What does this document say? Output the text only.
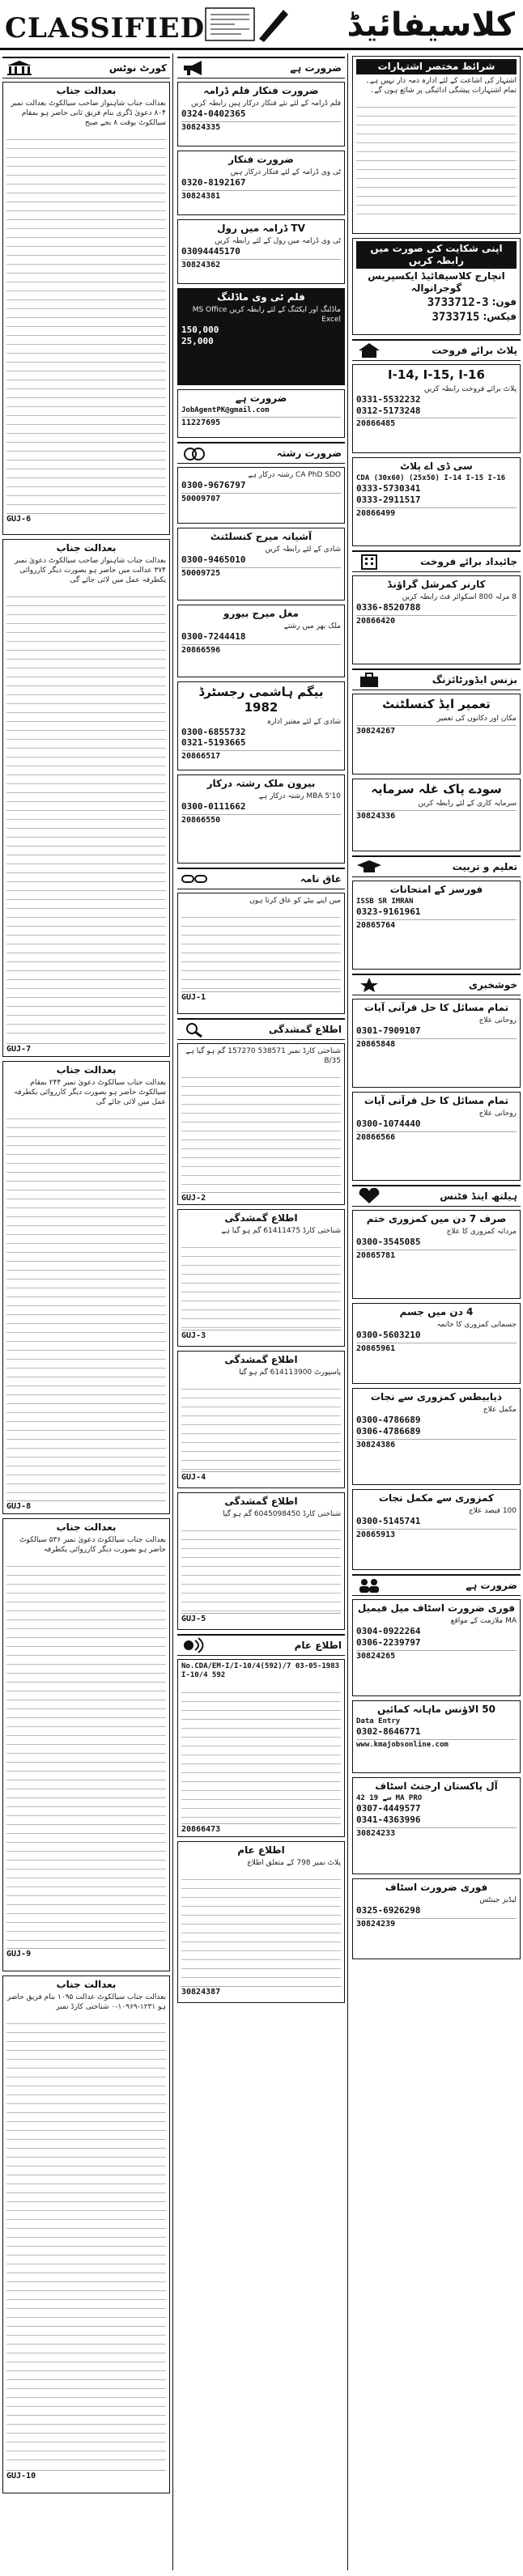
CLASSIFIED	کلاسیفائیڈ
کورٹ نوٹس
بعدالت جناب
بعدالت جناب شاہنواز صاحب سیالکوٹ بعدالت نمبر ۸۰۴ دعویٰ ڈگری بنام فریق ثانی حاضر ہو بمقام سیالکوٹ بوقت ۸ بجے صبح
GUJ-6
بعدالت جناب
بعدالت جناب شاہنواز صاحب سیالکوٹ دعویٰ نمبر ۳۷۴ عدالت میں حاضر ہو بصورت دیگر کارروائی یکطرفہ عمل میں لائی جائے گی
GUJ-7
بعدالت جناب
بعدالت جناب سیالکوٹ دعویٰ نمبر ۲۴۴ بمقام سیالکوٹ حاضر ہو بصورت دیگر کارروائی یکطرفہ عمل میں لائی جائے گی
GUJ-8
بعدالت جناب
بعدالت جناب سیالکوٹ دعویٰ نمبر ۵۳۶ سیالکوٹ حاضر ہو بصورت دیگر کارروائی یکطرفہ
GUJ-9
بعدالت جناب
بعدالت جناب سیالکوٹ عدالت ۱۰۹۵ بنام فریق حاضر ہو ۱۲۳۱-۱۰۹۶۹-۰ شناختی کارڈ نمبر
GUJ-10
ضرورت ہے
ضرورت فنکار فلم ڈرامہ
فلم ڈرامہ کے لئے نئے فنکار درکار ہیں رابطہ کریں
0324-0402365
30824335
ضرورت فنکار
ٹی وی ڈرامہ کے لئے فنکار درکار ہیں
0320-8192167
30824381
TV ڈرامہ میں رول
ٹی وی ڈرامہ میں رول کے لئے رابطہ کریں
03094445170
30824362
فلم ٹی وی ماڈلنگ
ماڈلنگ اور ایکٹنگ کے لئے رابطہ کریں MS Office Excel
150,000
25,000
ضرورت ہے
JobAgentPK@gmail.com
11227695
ضرورت رشتہ
CA PhD SDO رشتہ درکار ہے
0300-9676797
50009707
آشیانہ میرج کنسلٹنٹ
شادی کے لئے رابطہ کریں
0300-9465010
50009725
مغل میرج بیورو
ملک بھر میں رشتے
0300-7244418
20866596
بیگم ہاشمی رجسٹرڈ 1982
شادی کے لئے معتبر ادارہ
0300-6855732
0321-5193665
20866517
بیرون ملک رشتہ درکار
MBA 5'10 رشتہ درکار ہے
0300-0111662
20866550
عاق نامہ
میں اپنے بیٹے کو عاق کرتا ہوں
GUJ-1
اطلاع گمشدگی
شناختی کارڈ نمبر 538571 157270 گم ہو گیا ہے B/35
GUJ-2
اطلاع گمشدگی
شناختی کارڈ 61411475 گم ہو گیا ہے
GUJ-3
اطلاع گمشدگی
پاسپورٹ 614113900 گم ہو گیا
GUJ-4
اطلاع گمشدگی
شناختی کارڈ 6045098450 گم ہو گیا
GUJ-5
اطلاع عام
No.CDA/EM-I/I-10/4(592)/7 03-05-1983 I-10/4 592
20866473
اطلاع عام
پلاٹ نمبر 798 کے متعلق اطلاع
30824387
شرائط مختصر اشتہارات
اشتہار کی اشاعت کے لئے ادارہ ذمہ دار نہیں ہے۔ تمام اشتہارات پیشگی ادائیگی پر شائع ہوں گے۔
اپنی شکایت کی صورت میں رابطہ کریں
انچارج کلاسیفائیڈ ایکسپریس گوجرانوالہ
3733712-3 فون:
3733715 فیکس:
پلاٹ برائے فروخت
I-14, I-15, I-16
پلاٹ برائے فروخت رابطہ کریں
0331-5532232
0312-5173248
20866485
سی ڈی اے پلاٹ
CDA (30x60) (25x50) I-14 I-15 I-16
0333-5730341
0333-2911517
20866499
جائیداد برائے فروخت
کارنر کمرشل گراؤنڈ
8 مرلہ 800 اسکوائر فٹ رابطہ کریں
0336-8520788
20866420
بزنس ایڈورٹائزنگ
تعمیر ایڈ کنسلٹنٹ
مکان اور دکانوں کی تعمیر
30824267
سودے پاک غلہ سرمایہ
سرمایہ کاری کے لئے رابطہ کریں
30824336
تعلیم و تربیت
فورسز کے امتحانات
ISSB SR IMRAN
0323-9161961
20865764
خوشخبری
تمام مسائل کا حل قرآنی آیات
روحانی علاج
0301-7909107
20865848
تمام مسائل کا حل قرآنی آیات
روحانی علاج
0300-1074440
20866566
ہیلتھ اینڈ فٹنس
صرف 7 دن میں کمزوری ختم
مردانہ کمزوری کا علاج
0300-3545085
20865781
4 دن میں جسم
جسمانی کمزوری کا خاتمہ
0300-5603210
20865961
ذیابیطس کمزوری سے نجات
مکمل علاج
0300-4786689
0306-4786689
30824386
کمزوری سے مکمل نجات
100 فیصد علاج
0300-5145741
20865913
ضرورت ہے
فوری ضرورت اسٹاف میل فیمیل
MA ملازمت کے مواقع
0304-0922264
0306-2239797
30824265
50 الاؤنس ماہانہ کمائیں
Data Entry
0302-8646771
www.kmajobsonline.com
آل پاکستان ارجنٹ اسٹاف
42 سے 19 MA PRO
0307-4449577
0341-4363996
30824233
فوری ضرورت اسٹاف
لیڈیز جینٹس
0325-6926298
30824239
